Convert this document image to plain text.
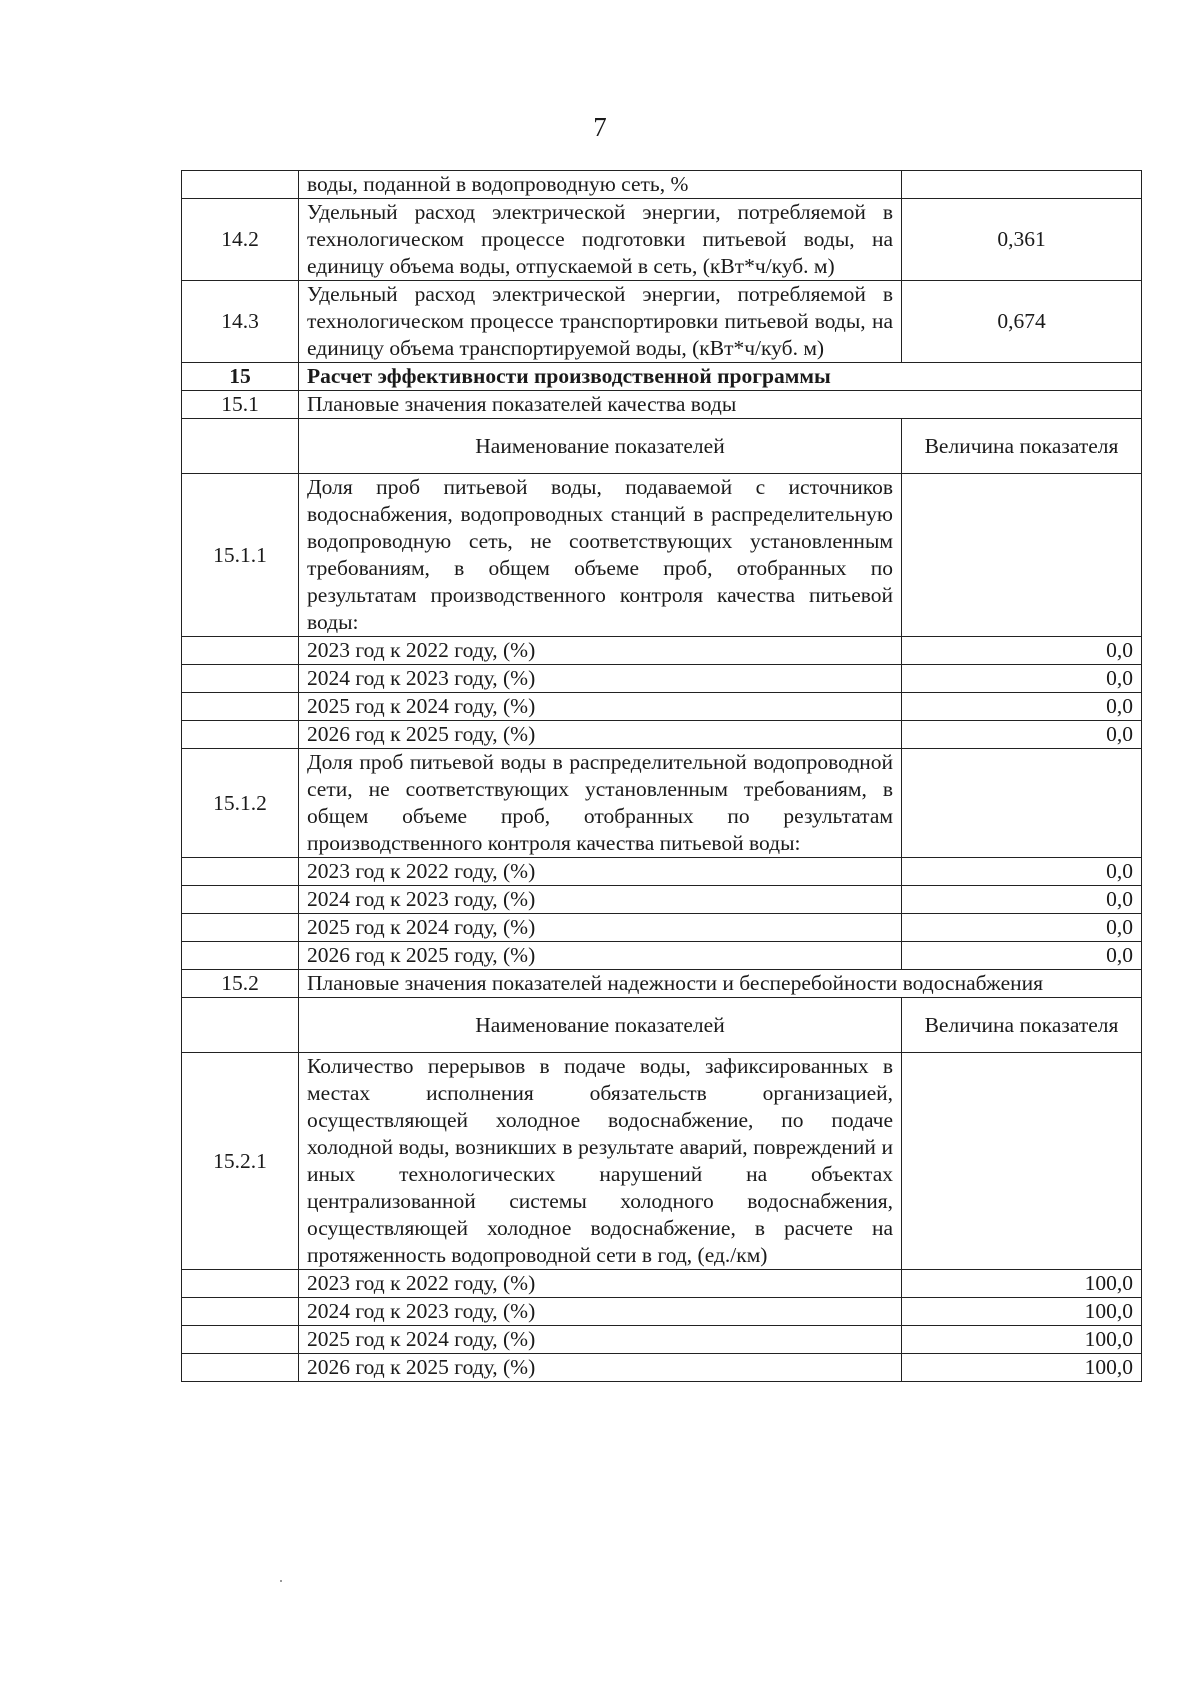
7
	воды, поданной в водопроводную сеть, %	
14.2	Удельный расход электрической энергии, потребляемой в технологическом процессе подготовки питьевой воды, на единицу объема воды, отпускаемой в сеть, (кВт*ч/куб. м)	0,361
14.3	Удельный расход электрической энергии, потребляемой в технологическом процессе транспортировки питьевой воды, на единицу объема транспортируемой воды, (кВт*ч/куб. м)	0,674
15	Расчет эффективности производственной программы	
15.1	Плановые значения показателей качества воды	
	Наименование показателей	Величина показателя
15.1.1	Доля проб питьевой воды, подаваемой с источников водоснабжения, водопроводных станций в распределительную водопроводную сеть, не соответствующих установленным требованиям, в общем объеме проб, отобранных по результатам производственного контроля качества питьевой воды:	
	2023 год к 2022 году, (%)	0,0
	2024 год к 2023 году, (%)	0,0
	2025 год к 2024 году, (%)	0,0
	2026 год к 2025 году, (%)	0,0
15.1.2	Доля проб питьевой воды в распределительной водопроводной сети, не соответствующих установленным требованиям, в общем объеме проб, отобранных по результатам производственного контроля качества питьевой воды:	
	2023 год к 2022 году, (%)	0,0
	2024 год к 2023 году, (%)	0,0
	2025 год к 2024 году, (%)	0,0
	2026 год к 2025 году, (%)	0,0
15.2	Плановые значения показателей надежности и бесперебойности водоснабжения	
	Наименование показателей	Величина показателя
15.2.1	Количество перерывов в подаче воды, зафиксированных в местах исполнения обязательств организацией, осуществляющей холодное водоснабжение, по подаче холодной воды, возникших в результате аварий, повреждений и иных технологических нарушений на объектах централизованной системы холодного водоснабжения, осуществляющей холодное водоснабжение, в расчете на протяженность водопроводной сети в год, (ед./км)	
	2023 год к 2022 году, (%)	100,0
	2024 год к 2023 году, (%)	100,0
	2025 год к 2024 году, (%)	100,0
	2026 год к 2025 году, (%)	100,0
